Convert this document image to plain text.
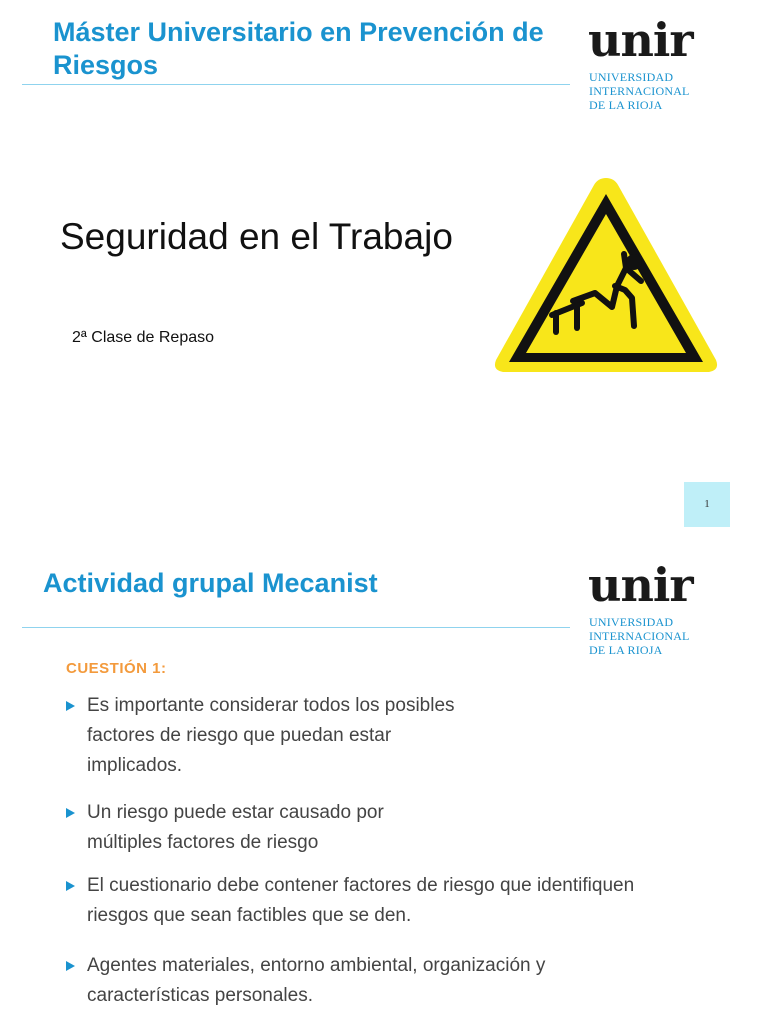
Máster Universitario en Prevención de Riesgos	unir

UNIVERSIDAD
INTERNACIONAL
DE LA RIOJA

Seguridad en el Trabajo
2ª Clase de Repaso
1
Actividad grupal Mecanist	unir

UNIVERSIDAD
INTERNACIONAL
DE LA RIOJA

CUESTIÓN 1:
Es importante considerar todos los posibles
factores de riesgo que puedan estar
implicados.
Un riesgo puede estar causado por
múltiples factores de riesgo
El cuestionario debe contener factores de riesgo que identifiquen
riesgos que sean factibles que se den.
Agentes materiales, entorno ambiental, organización y
características personales.
